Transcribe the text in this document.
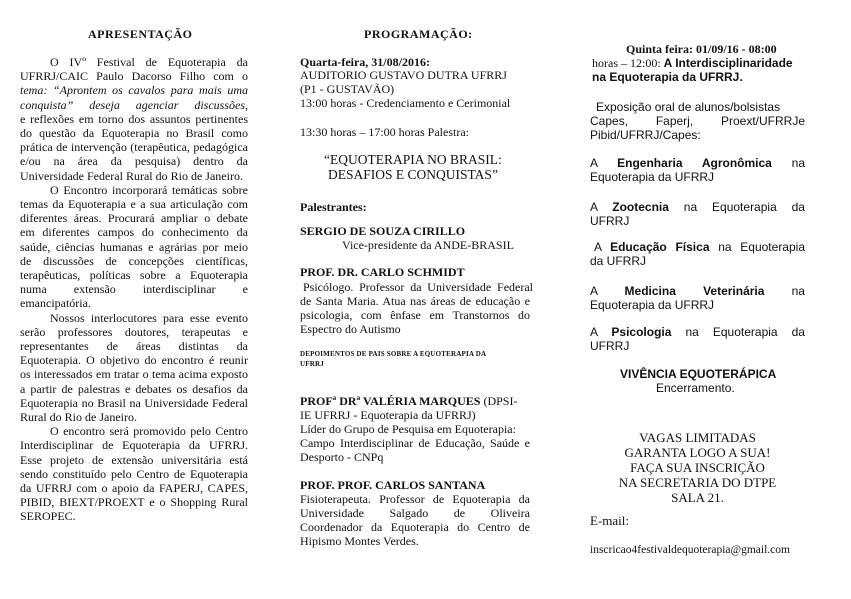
APRESENTAÇÃO
O IVº Festival de Equoterapia da
UFRRJ/CAIC Paulo Dacorso Filho com o
tema: “Aprontem os cavalos para mais uma
conquista” deseja agenciar discussões,
e reflexões em torno dos assuntos pertinentes
do questão da Equoterapia no Brasil como
prática de intervenção (terapêutica, pedagógica
e/ou na área da pesquisa) dentro da
Universidade Federal Rural do Rio de Janeiro.
O Encontro incorporará temáticas sobre
temas da Equoterapia e a sua articulação com
diferentes áreas. Procurará ampliar o debate
em diferentes campos do conhecimento da
saúde, ciências humanas e agrárias por meio
de discussões de concepções científicas,
terapêuticas, políticas sobre a Equoterapia
numa extensão interdisciplinar e
emancipatória.
Nossos interlocutores para esse evento
serão professores doutores, terapeutas e
representantes de áreas distintas da
Equoterapia. O objetivo do encontro é reunir
os interessados em tratar o tema acima exposto
a partir de palestras e debates os desafios da
Equoterapia no Brasil na Universidade Federal
Rural do Rio de Janeiro.
O encontro será promovido pelo Centro
Interdisciplinar de Equoterapia da UFRRJ.
Esse projeto de extensão universitária está
sendo constituído pelo Centro de Equoterapia
da UFRRJ com o apoio da FAPERJ, CAPES,
PIBID, BIEXT/PROEXT e o Shopping Rural
SEROPEC.
PROGRAMAÇÃO:
Quarta-feira, 31/08/2016:
AUDITORIO GUSTAVO DUTRA UFRRJ
(P1 - GUSTAVÃO)
13:00 horas - Credenciamento e Cerimonial
13:30 horas – 17:00 horas Palestra:
“EQUOTERAPIA NO BRASIL:
DESAFIOS E CONQUISTAS”
Palestrantes:
SERGIO DE SOUZA CIRILLO
Vice-presidente da ANDE-BRASIL
PROF. DR. CARLO SCHMIDT
Psicólogo. Professor da Universidade Federal
de Santa Maria. Atua nas áreas de educação e
psicologia, com ênfase em Transtornos do
Espectro do Autismo
DEPOIMENTOS DE PAIS SOBRE A EQUOTERAPIA DA
UFRRJ
PROFª DRª VALÉRIA MARQUES (DPSI-
IE UFRRJ - Equoterapia da UFRRJ)
Líder do Grupo de Pesquisa em Equoterapia:
Campo Interdisciplinar de Educação, Saúde e
Desporto - CNPq
PROF. PROF. CARLOS SANTANA
Fisioterapeuta. Professor de Equoterapia da
Universidade Salgado de Oliveira
Coordenador da Equoterapia do Centro de
Hipismo Montes Verdes.
Quinta feira: 01/09/16 - 08:00
horas – 12:00: A Interdisciplinaridade
na Equoterapia da UFRRJ.
Exposição oral de alunos/bolsistas
Capes, Faperj, Proext/UFRRJe
Pibid/UFRRJ/Capes:
A Engenharia Agronômica na
Equoterapia da UFRRJ
A Zootecnia na Equoterapia da
UFRRJ
A Educação Física na Equoterapia
da UFRRJ
A Medicina Veterinária na
Equoterapia da UFRRJ
A Psicologia na Equoterapia da
UFRRJ
VIVÊNCIA EQUOTERÁPICA
Encerramento.
VAGAS LIMITADAS
GARANTA LOGO A SUA!
FAÇA SUA INSCRIÇÃO
NA SECRETARIA DO DTPE
SALA 21.
E-mail:
inscricao4festivaldequoterapia@gmail.com
